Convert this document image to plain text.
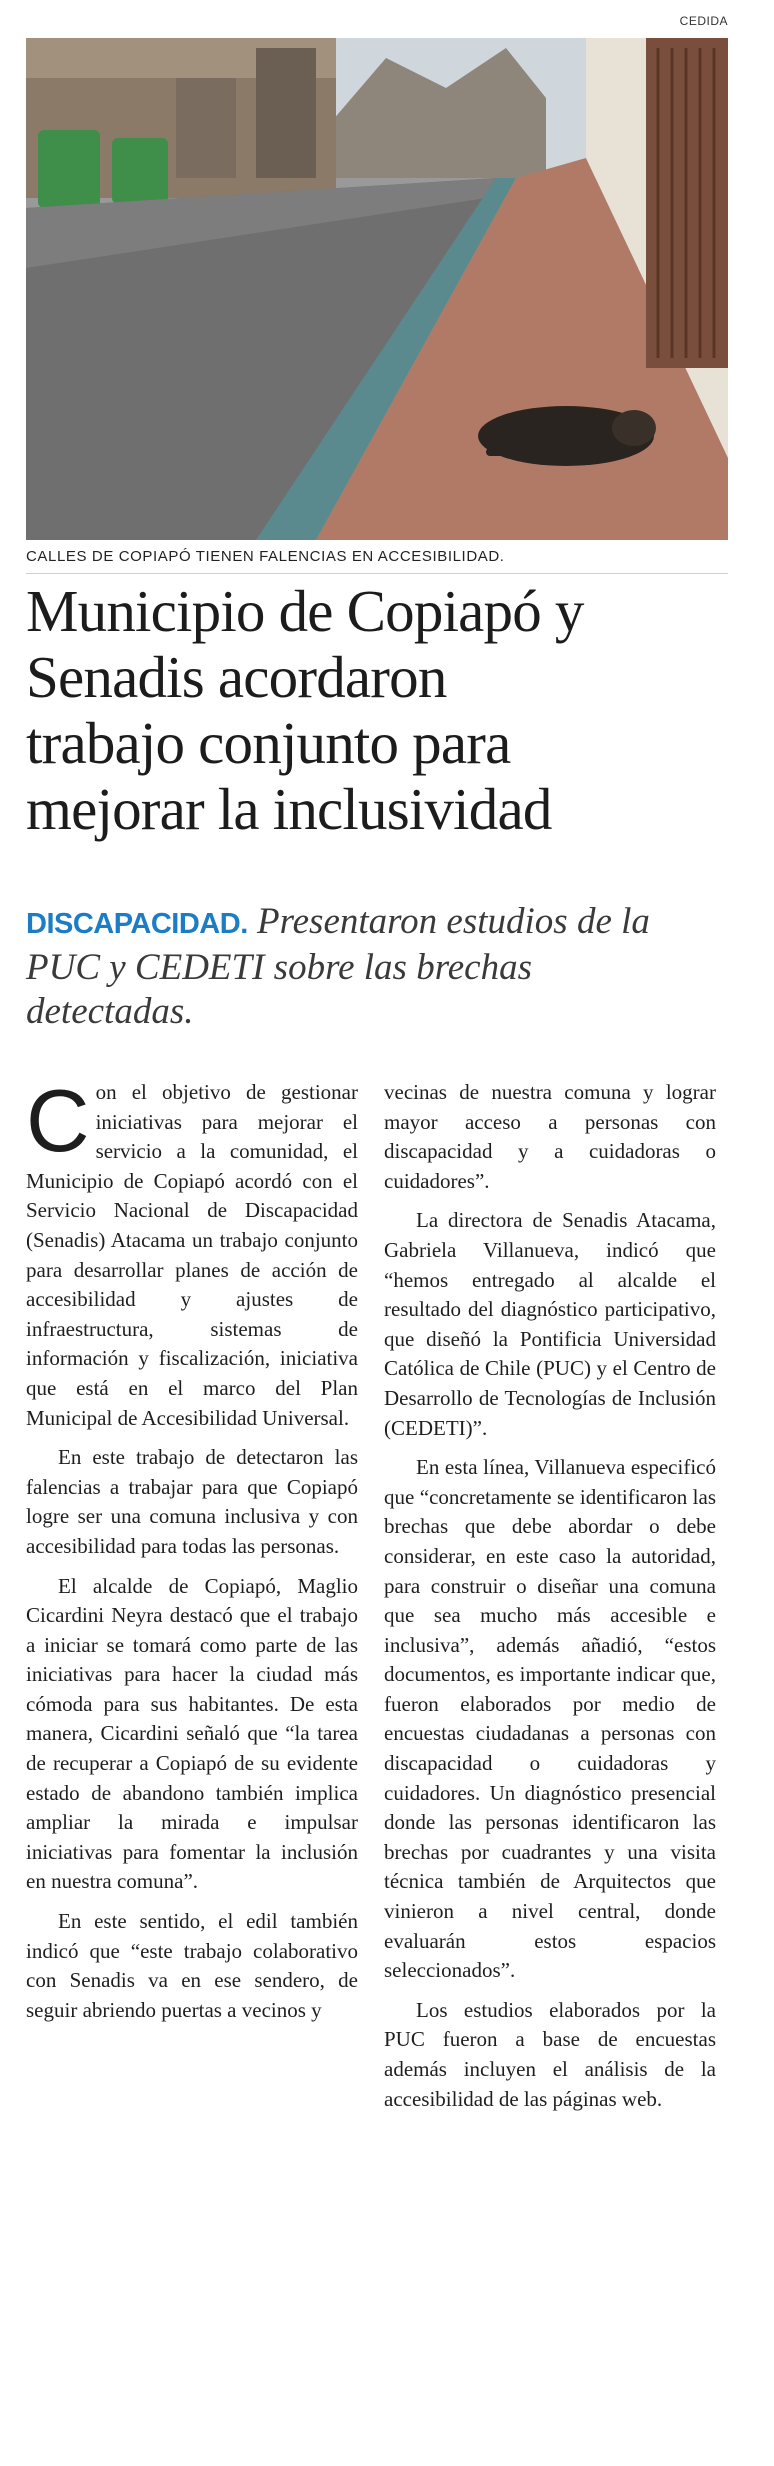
CEDIDA
CALLES DE COPIAPÓ TIENEN FALENCIAS EN ACCESIBILIDAD.
Municipio de Copiapó y
Senadis acordaron
trabajo conjunto para
mejorar la inclusividad
DISCAPACIDAD. Presentaron estudios de la
PUC y CEDETI sobre las brechas
detectadas.

Con el objetivo de gestionar iniciativas para mejorar el servicio a la comunidad, el Municipio de Copiapó acordó con el Servicio Nacional de Discapacidad (Senadis) Atacama un trabajo conjunto para desarrollar planes de acción de accesibilidad y ajustes de infraestructura, sistemas de información y fiscalización, iniciativa que está en el marco del Plan Municipal de Accesibilidad Universal.

En este trabajo de detectaron las falencias a trabajar para que Copiapó logre ser una comuna inclusiva y con accesibilidad para todas las personas.

El alcalde de Copiapó, Maglio Cicardini Neyra destacó que el trabajo a iniciar se tomará como parte de las iniciativas para hacer la ciudad más cómoda para sus habitantes. De esta manera, Cicardini señaló que “la tarea de recuperar a Copiapó de su evidente estado de abandono también implica ampliar la mirada e impulsar iniciativas para fomentar la inclusión en nuestra comuna”.

En este sentido, el edil también indicó que “este trabajo colaborativo con Senadis va en ese sendero, de seguir abriendo puertas a vecinos y

vecinas de nuestra comuna y lograr mayor acceso a personas con discapacidad y a cuidadoras o cuidadores”.

La directora de Senadis Atacama, Gabriela Villanueva, indicó que “hemos entregado al alcalde el resultado del diagnóstico participativo, que diseñó la Pontificia Universidad Católica de Chile (PUC) y el Centro de Desarrollo de Tecnologías de Inclusión (CEDETI)”.

En esta línea, Villanueva especificó que “concretamente se identificaron las brechas que debe abordar o debe considerar, en este caso la autoridad, para construir o diseñar una comuna que sea mucho más accesible e inclusiva”, además añadió, “estos documentos, es importante indicar que, fueron elaborados por medio de encuestas ciudadanas a personas con discapacidad o cuidadoras y cuidadores. Un diagnóstico presencial donde las personas identificaron las brechas por cuadrantes y una visita técnica también de Arquitectos que vinieron a nivel central, donde evaluarán estos espacios seleccionados”.

Los estudios elaborados por la PUC fueron a base de encuestas además incluyen el análisis de la accesibilidad de las páginas web.
